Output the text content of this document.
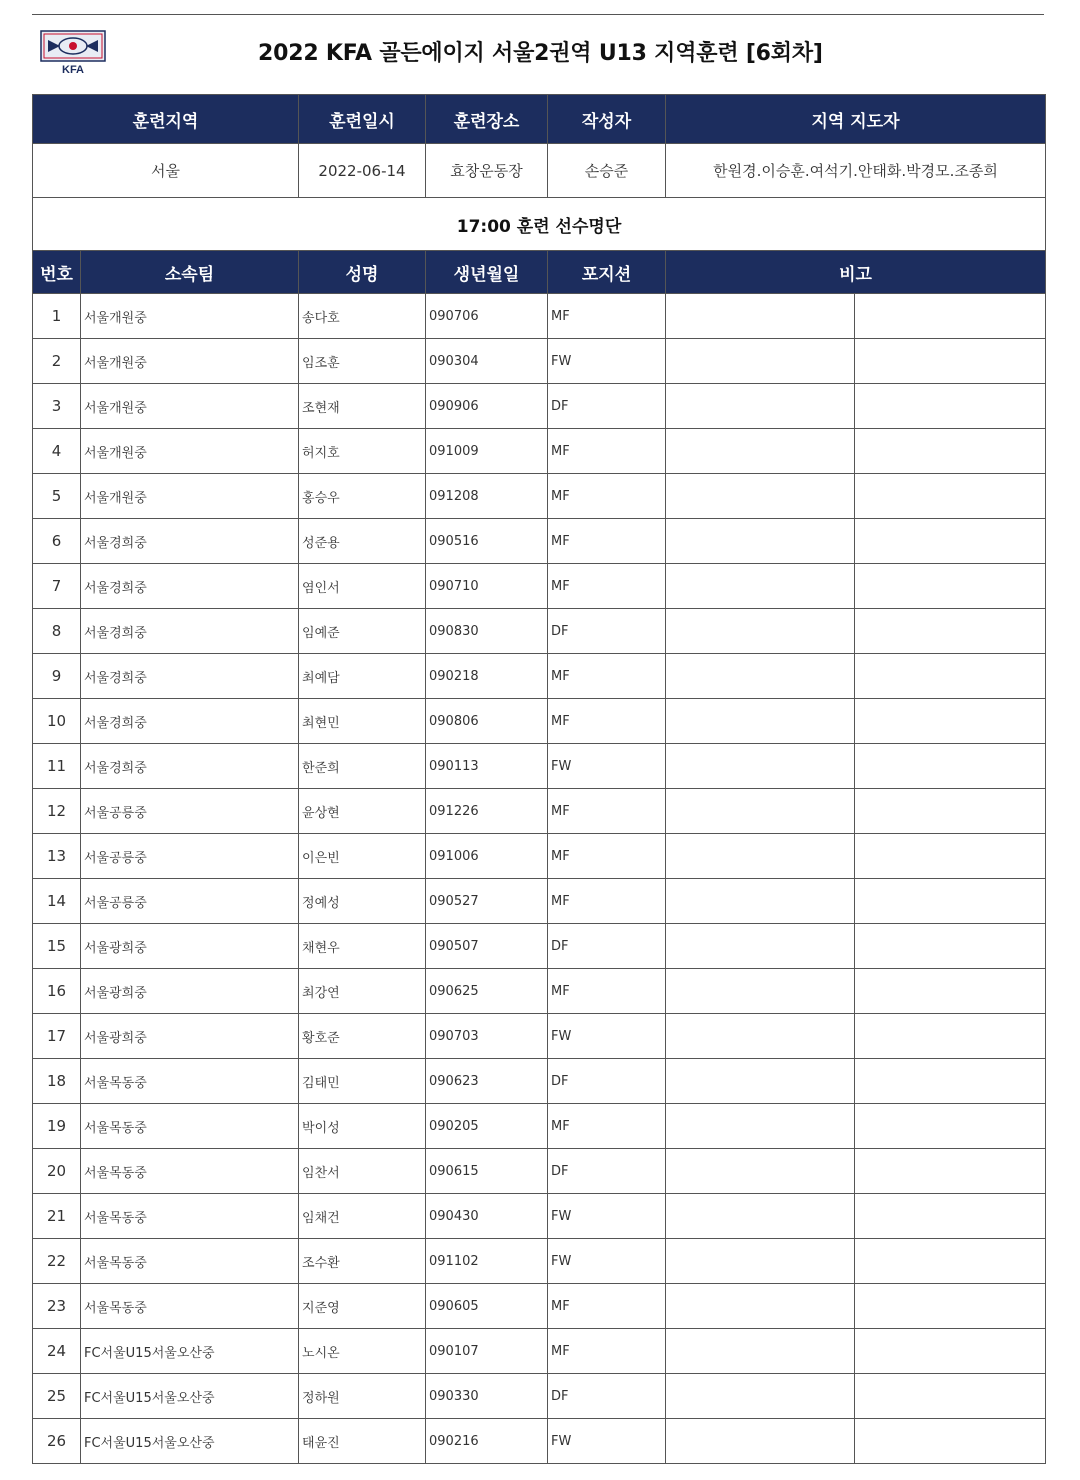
KFA
2022 KFA 골든에이지 서울2권역 U13 지역훈련 [6회차]
훈련지역		훈련일시	훈련장소	작성자	지역 지도자	
서울		2022-06-14	효창운동장	손승준	한원경.이승훈.여석기.안태화.박경모.조종희	
17:00 훈련 선수명단						
번호	소속팀	성명	생년월일	포지션	비고	
1	서울개원중	송다호	090706	MF		
2	서울개원중	임조훈	090304	FW		
3	서울개원중	조현재	090906	DF		
4	서울개원중	허지호	091009	MF		
5	서울개원중	홍승우	091208	MF		
6	서울경희중	성준용	090516	MF		
7	서울경희중	염인서	090710	MF		
8	서울경희중	임예준	090830	DF		
9	서울경희중	최예담	090218	MF		
10	서울경희중	최현민	090806	MF		
11	서울경희중	한준희	090113	FW		
12	서울공릉중	윤상현	091226	MF		
13	서울공릉중	이은빈	091006	MF		
14	서울공릉중	정예성	090527	MF		
15	서울광희중	채현우	090507	DF		
16	서울광희중	최강연	090625	MF		
17	서울광희중	황호준	090703	FW		
18	서울목동중	김태민	090623	DF		
19	서울목동중	박이성	090205	MF		
20	서울목동중	임찬서	090615	DF		
21	서울목동중	임채건	090430	FW		
22	서울목동중	조수환	091102	FW		
23	서울목동중	지준영	090605	MF		
24	FC서울U15서울오산중	노시온	090107	MF		
25	FC서울U15서울오산중	정하원	090330	DF		
26	FC서울U15서울오산중	태윤진	090216	FW		
